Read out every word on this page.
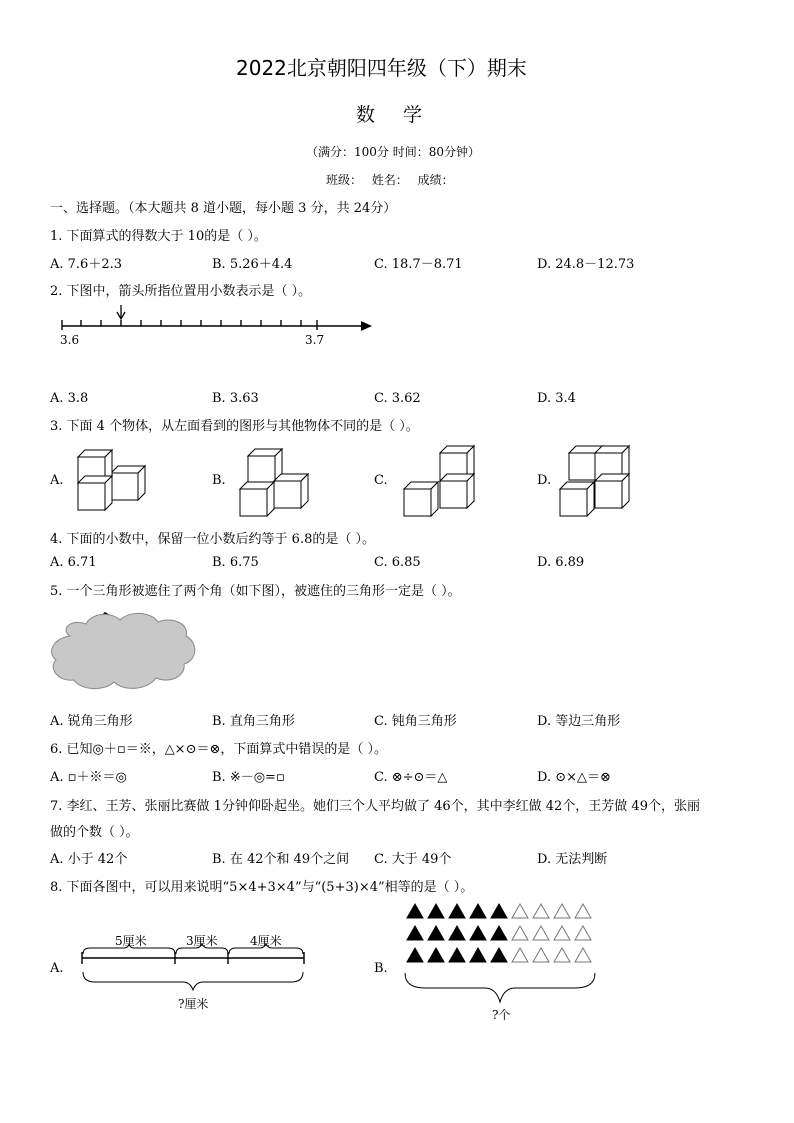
2022北京朝阳四年级（下）期末
数学
（满分：100分 时间：80分钟）
班级： 姓名： 成绩：
一、选择题。（本大题共 8 道小题，每小题 3 分，共 24分）
1. 下面算式的得数大于 10的是（ ）。
A. 7.6＋2.3	B. 5.26＋4.4	C. 18.7－8.71	D. 24.8－12.73
2. 下图中，箭头所指位置用小数表示是（ ）。
3.6	3.7
A. 3.8	B. 3.63	C. 3.62	D. 3.4
3. 下面 4 个物体，从左面看到的图形与其他物体不同的是（ ）。
A.	B.	C.	D.
4. 下面的小数中，保留一位小数后约等于 6.8的是（ ）。
A. 6.71	B. 6.75	C. 6.85	D. 6.89
5. 一个三角形被遮住了两个角（如下图），被遮住的三角形一定是（ ）。
A. 锐角三角形	B. 直角三角形	C. 钝角三角形	D. 等边三角形
6. 已知◎＋▫＝※，△×⊙＝⊗，下面算式中错误的是（ ）。
A. ▫＋※＝◎	B. ※－◎=▫	C. ⊗÷⊙＝△	D. ⊙×△＝⊗
7. 李红、王芳、张丽比赛做 1分钟仰卧起坐。她们三个人平均做了 46个，其中李红做 42个，王芳做 49个，张丽
做的个数（ ）。
A. 小于 42个	B. 在 42个和 49个之间 C. 大于 49个	D. 无法判断
8. 下面各图中，可以用来说明“5×4+3×4”与“(5+3)×4”相等的是（ ）。
A.
5厘米	3厘米	4厘米
?厘米
B.
?个
